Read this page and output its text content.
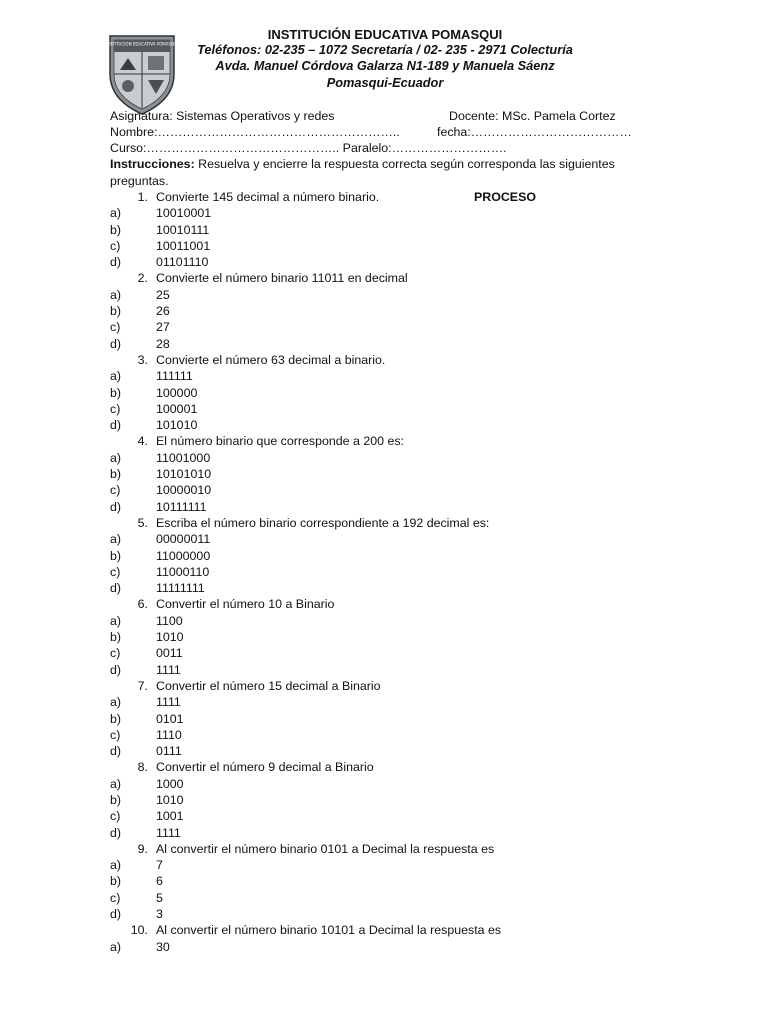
INSTITUCION EDUCATIVA POMASQUI
INSTITUCIÓN EDUCATIVA POMASQUI
Teléfonos: 02-235 – 1072 Secretaría / 02- 235 - 2971 Colecturía
Avda. Manuel Córdova Galarza N1-189 y Manuela Sáenz
Pomasqui-Ecuador
Asignatura: Sistemas Operativos y redes	Docente: MSc. Pamela Cortez
Nombre:…………………………………………………..	fecha:…………………………………
Curso:……………………………………….. Paralelo:……………………….
Instrucciones: Resuelva y encierre la respuesta correcta según corresponda las siguientes preguntas.
1. Convierte 145 decimal a número binario.	PROCESO
a)	10010001
b)	10010111
c)	10011001
d)	01101110
2. Convierte el número binario 11011 en decimal
a)	25
b)	26
c)	27
d)	28
3. Convierte el número 63 decimal a binario.
a)	111111
b)	100000
c)	100001
d)	101010
4. El número binario que corresponde a 200 es:
a)	11001000
b)	10101010
c)	10000010
d)	10111111
5. Escriba el número binario correspondiente a 192 decimal es:
a)	00000011
b)	11000000
c)	11000110
d)	11111111
6. Convertir el número 10 a Binario
a)	1100
b)	1010
c)	0011
d)	1111
7. Convertir el número 15 decimal a Binario
a)	1111
b)	0101
c)	1110
d)	0111
8. Convertir el número 9 decimal a Binario
a)	1000
b)	1010
c)	1001
d)	1111
9. Al convertir el número binario 0101 a Decimal la respuesta es
a)	7
b)	6
c)	5
d)	3
10. Al convertir el número binario 10101 a Decimal la respuesta es
a)	30
